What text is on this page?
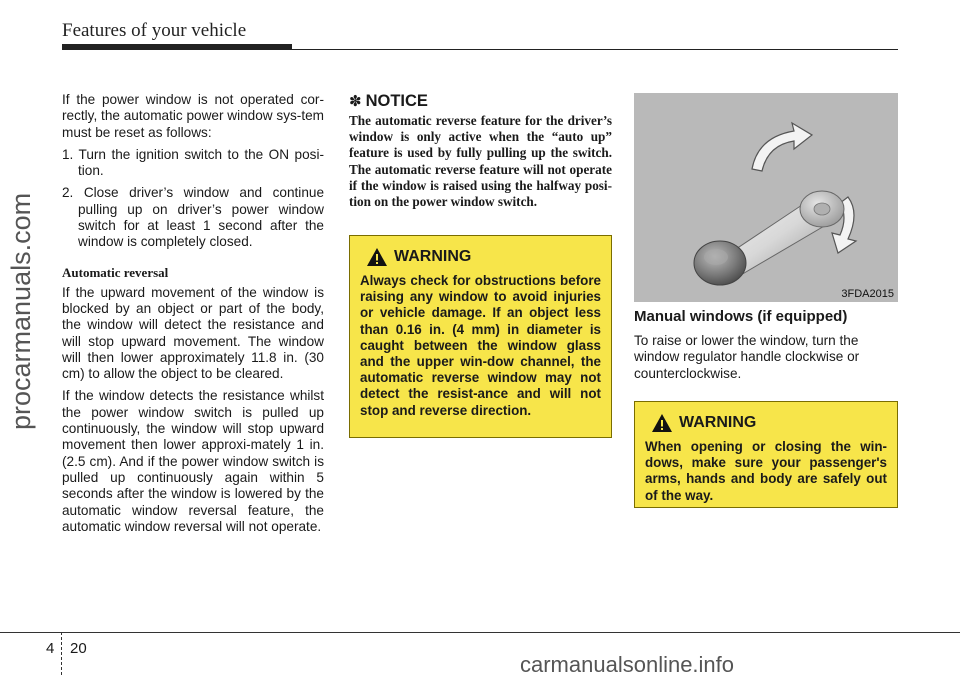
Features of your vehicle
procarmanuals.com

If the power window is not operated cor-rectly, the automatic power window sys-tem must be reset as follows:

1. Turn the ignition switch to the ON posi-tion.
2. Close driver’s window and continue pulling up on driver’s power window switch for at least 1 second after the window is completely closed.
Automatic reversal

If the upward movement of the window is blocked by an object or part of the body, the window will detect the resistance and will stop upward movement. The window will then lower approximately 11.8 in. (30 cm) to allow the object to be cleared.

If the window detects the resistance whilst the power window switch is pulled up continuously, the window will stop upward movement then lower approxi-mately 1 in. (2.5 cm). And if the power window switch is pulled up continuously again within 5 seconds after the window is lowered by the automatic window reversal feature, the automatic window reversal will not operate.

✽ NOTICE

The automatic reverse feature for the driver’s window is only active when the “auto up” feature is used by fully pulling up the switch. The automatic reverse feature will not operate if the window is raised using the halfway posi-tion on the power window switch.

WARNING

Always check for obstructions before raising any window to avoid injuries or vehicle damage. If an object less than 0.16 in. (4 mm) in diameter is caught between the window glass and the upper win-dow channel, the automatic reverse window may not detect the resist-ance and will not stop and reverse direction.

3FDA2015
Manual windows (if equipped)

To raise or lower the window, turn the window regulator handle clockwise or counterclockwise.

WARNING

When opening or closing the win-dows, make sure your passenger's arms, hands and body are safely out of the way.

4 20
carmanualsonline.info
